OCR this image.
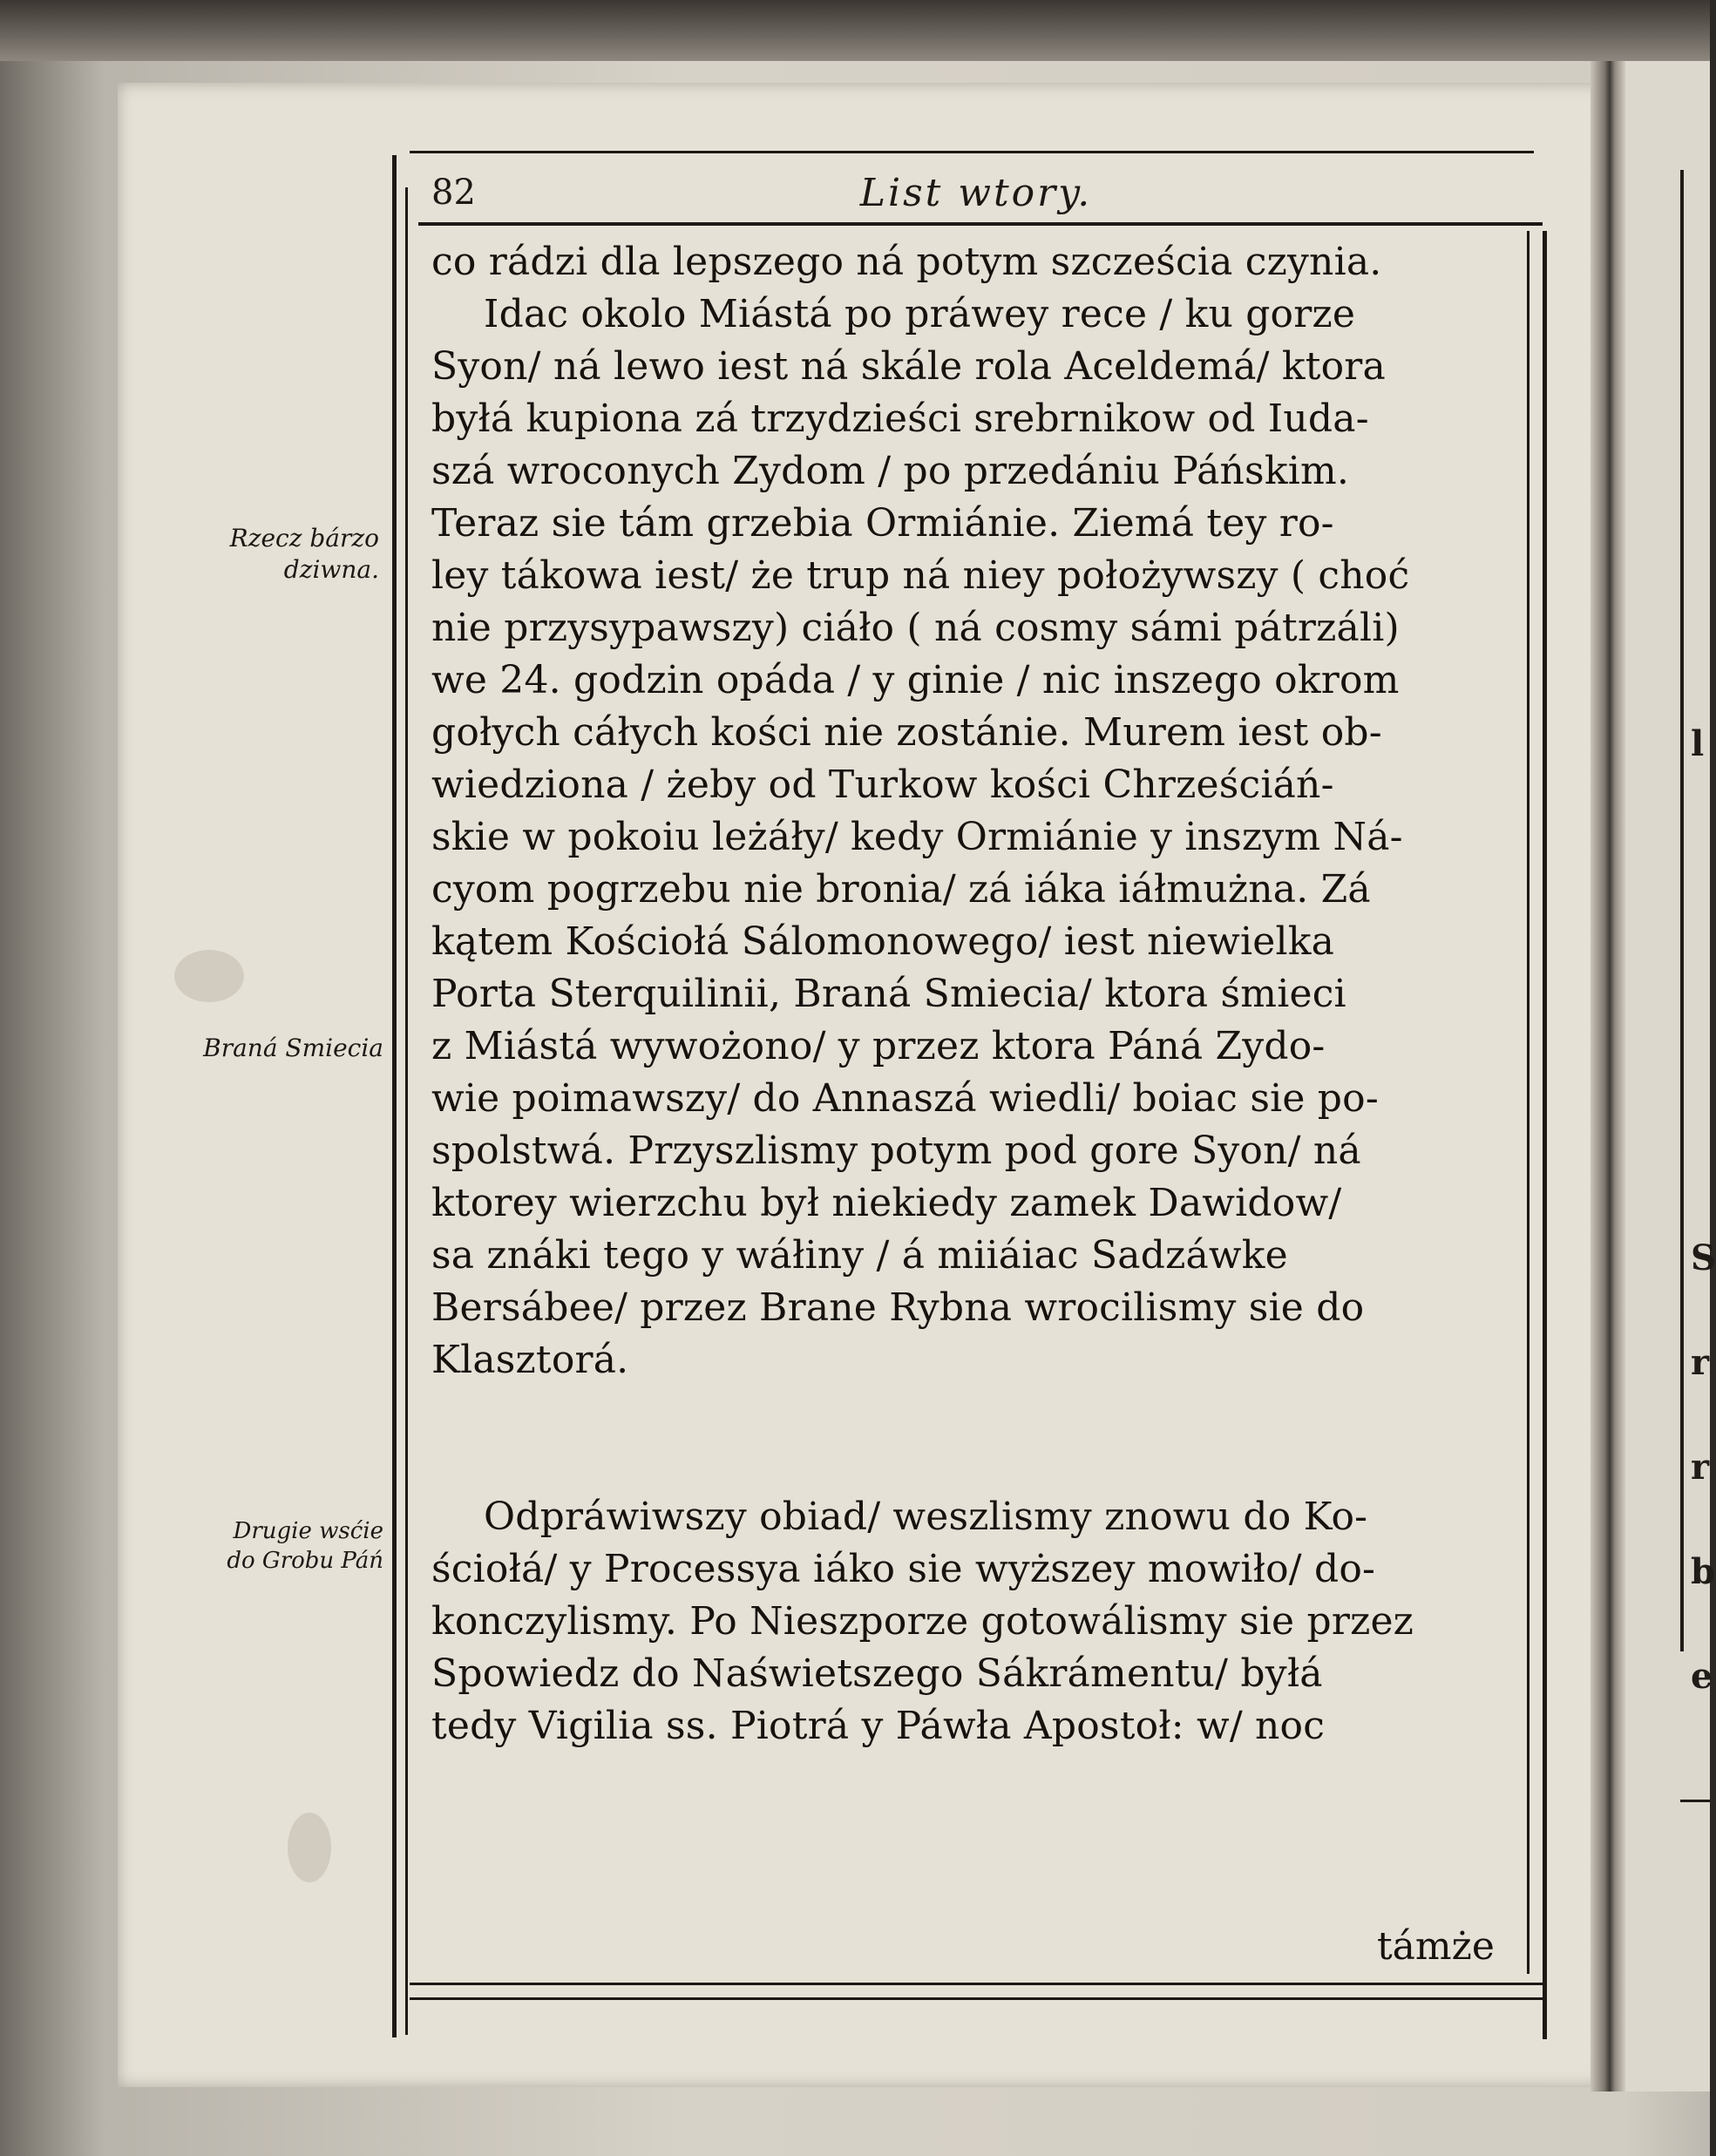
l
S
r
r
b
e
82	List wtory.
Rzecz bárzo
dziwna.
Braná Smiecia
Drugie wsćie
do Grobu Páń
co rádzi dla lepszego ná potym szcześcia czynia.
Idac okolo Miástá po práwey rece / ku gorze
Syon/ ná lewo iest ná skále rola Aceldemá/ ktora
byłá kupiona zá trzydzieści srebrnikow od Iuda-
szá wroconych Zydom / po przedániu Páńskim.
Teraz sie tám grzebia Ormiánie. Ziemá tey ro-
ley tákowa iest/ że trup ná niey położywszy ( choć
nie przysypawszy) ciáło ( ná cosmy sámi pátrzáli)
we 24. godzin opáda / y ginie / nic inszego okrom
gołych cáłych kości nie zostánie. Murem iest ob-
wiedziona / żeby od Turkow kości Chrześciáń-
skie w pokoiu leżáły/ kedy Ormiánie y inszym Ná-
cyom pogrzebu nie bronia/ zá iáka iáłmużna. Zá
kątem Kościołá Sálomonowego/ iest niewielka
Porta Sterquilinii, Braná Smiecia/ ktora śmieci
z Miástá wywożono/ y przez ktora Páná Zydo-
wie poimawszy/ do Annaszá wiedli/ boiac sie po-
spolstwá. Przyszlismy potym pod gore Syon/ ná
ktorey wierzchu był niekiedy zamek Dawidow/
sa znáki tego y wáłiny / á miiáiac Sadzáwke
Bersábee/ przez Brane Rybna wrocilismy sie do
Klasztorá.
Odpráwiwszy obiad/ weszlismy znowu do Ko-
ściołá/ y Processya iáko sie wyższey mowiło/ do-
konczylismy. Po Nieszporze gotowálismy sie przez
Spowiedz do Naświetszego Sákrámentu/ byłá
tedy Vigilia ss. Piotrá y Páwła Apostoł: w/ noc
támże
